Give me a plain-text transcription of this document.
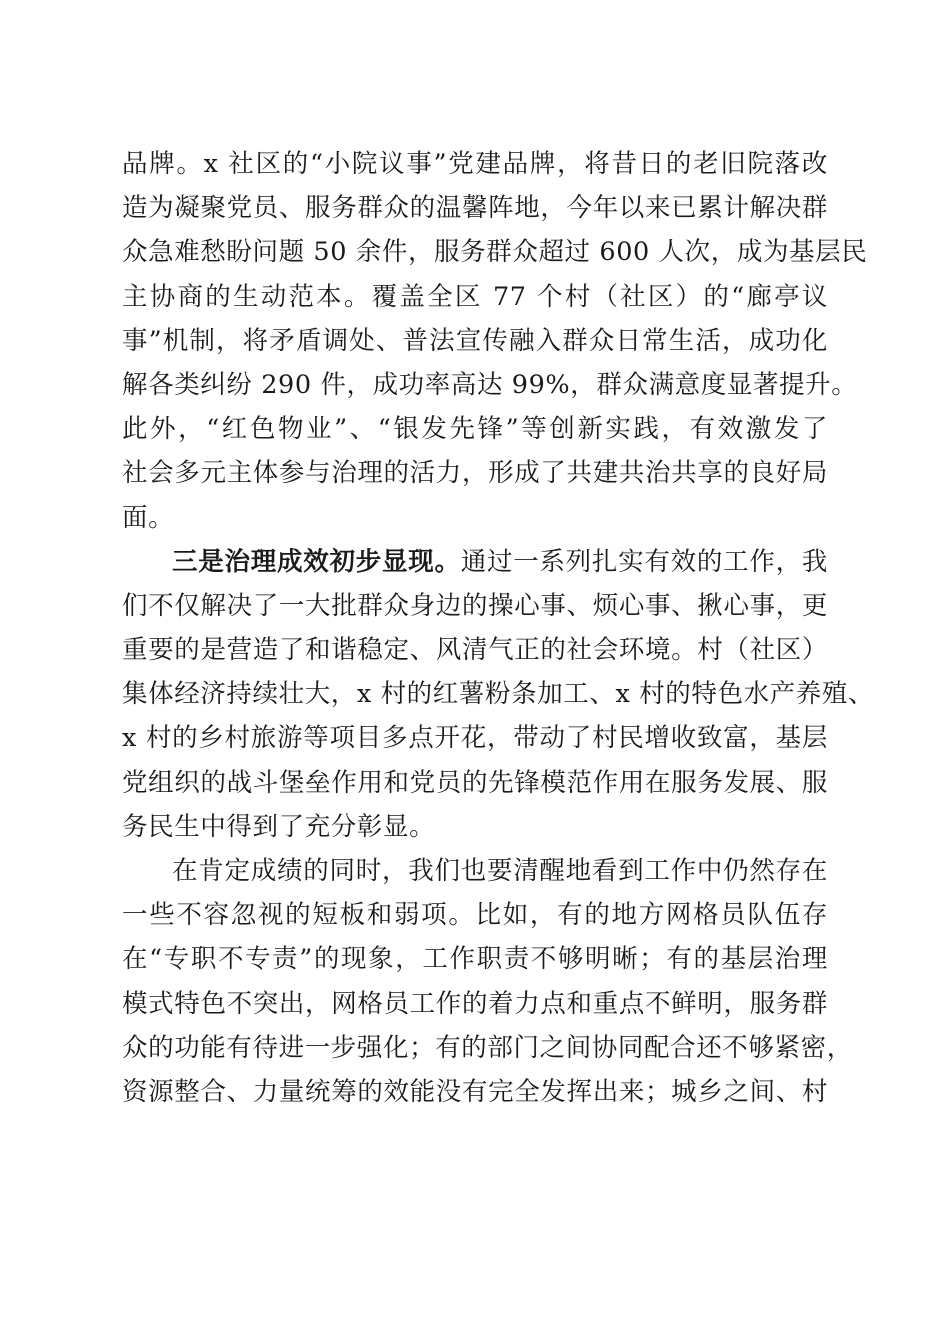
品牌。x 社区的“小院议事”党建品牌，将昔日的老旧院落改
造为凝聚党员、服务群众的温馨阵地，今年以来已累计解决群
众急难愁盼问题 50 余件，服务群众超过 600 人次，成为基层民
主协商的生动范本。覆盖全区 77 个村（社区）的“廊亭议
事”机制，将矛盾调处、普法宣传融入群众日常生活，成功化
解各类纠纷 290 件，成功率高达 99%，群众满意度显著提升。
此外，“红色物业”、“银发先锋”等创新实践，有效激发了
社会多元主体参与治理的活力，形成了共建共治共享的良好局
面。
三是治理成效初步显现。通过一系列扎实有效的工作，我
们不仅解决了一大批群众身边的操心事、烦心事、揪心事，更
重要的是营造了和谐稳定、风清气正的社会环境。村（社区）
集体经济持续壮大，x 村的红薯粉条加工、x 村的特色水产养殖、
x 村的乡村旅游等项目多点开花，带动了村民增收致富，基层
党组织的战斗堡垒作用和党员的先锋模范作用在服务发展、服
务民生中得到了充分彰显。
在肯定成绩的同时，我们也要清醒地看到工作中仍然存在
一些不容忽视的短板和弱项。比如，有的地方网格员队伍存
在“专职不专责”的现象，工作职责不够明晰；有的基层治理
模式特色不突出，网格员工作的着力点和重点不鲜明，服务群
众的功能有待进一步强化；有的部门之间协同配合还不够紧密，
资源整合、力量统筹的效能没有完全发挥出来；城乡之间、村
